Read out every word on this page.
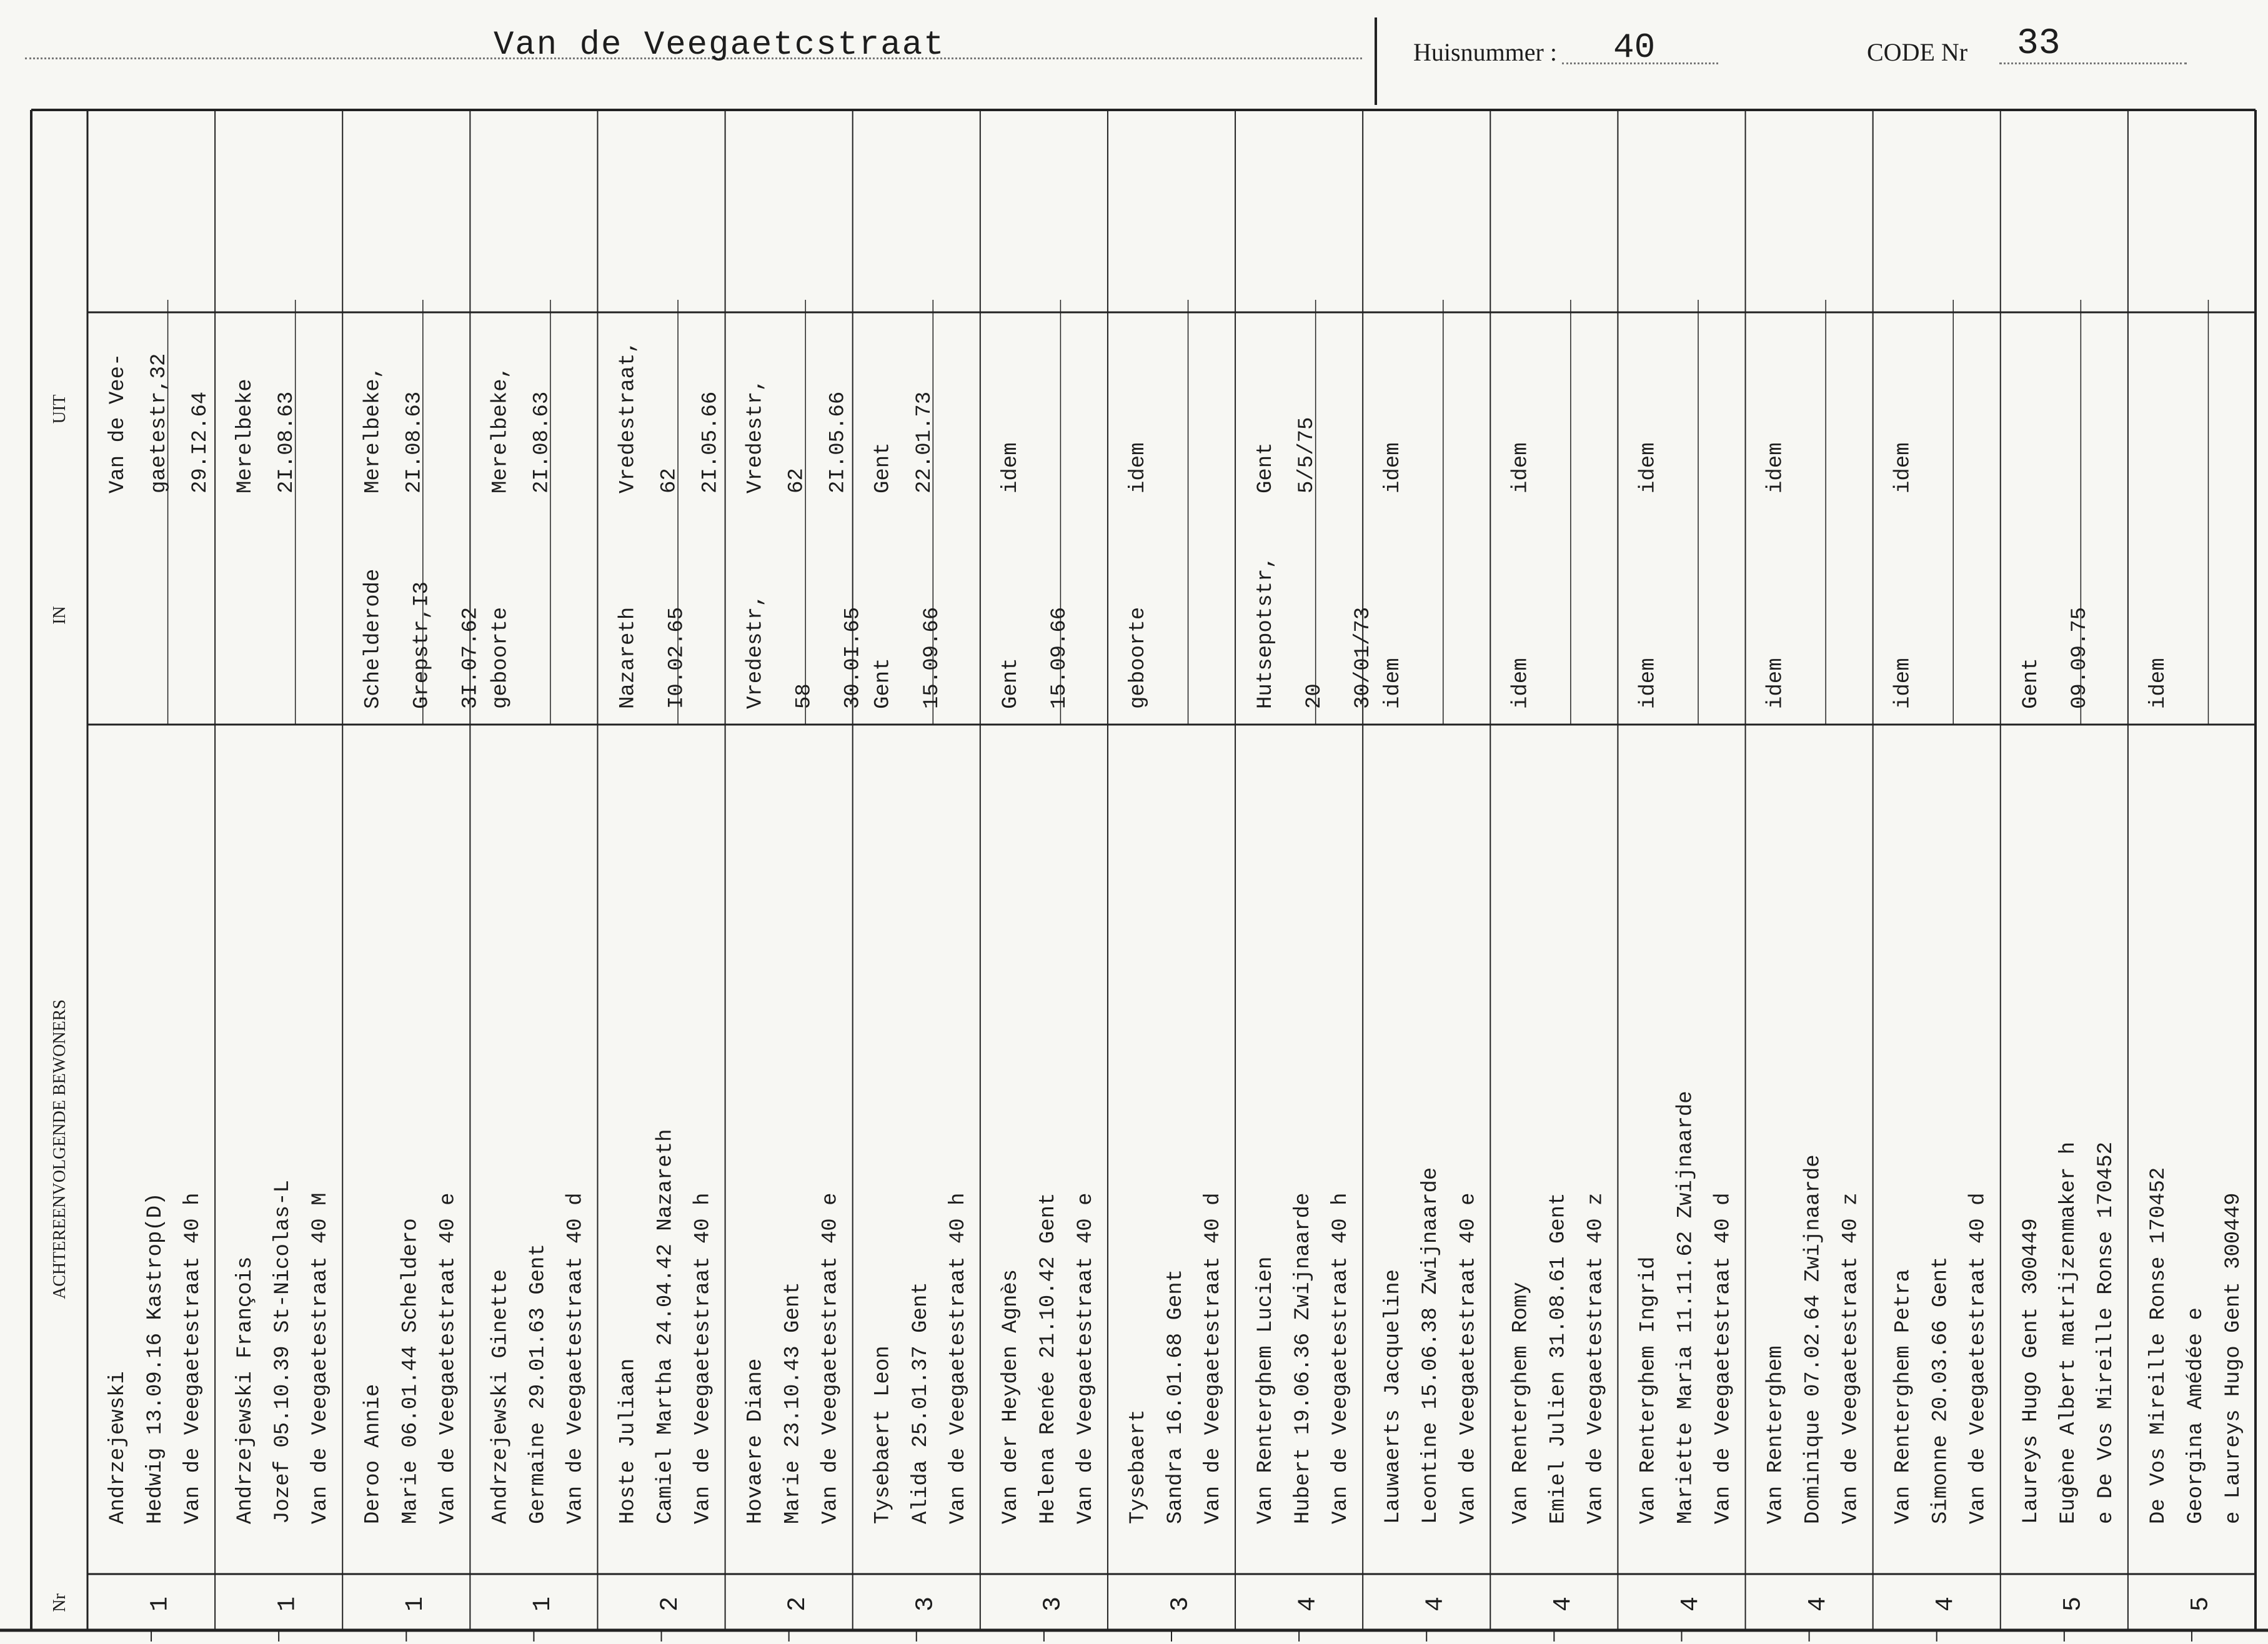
Van de Veegaetcstraat	Huisnummer : 40	CODE Nr 33
Nr
ACHTEREENVOLGENDE BEWONERS
IN
UIT
1
Andrzejewski Hedwig 13.09.16 Kastrop(D) Van de Veegaetestraat 40 h
Van de Vee- gaetestr,32 29.I2.64
1
Andrzejewski François Jozef 05.10.39 St-Nicolas-L Van de Veegaetestraat 40 M
Merelbeke 2I.08.63
1
Deroo Annie Marie 06.01.44 Scheldero Van de Veegaetestraat 40 e
Schelderode Grepstr,I3 3I.07.62
Merelbeke, 2I.08.63
1
Andrzejewski Ginette Germaine 29.01.63 Gent Van de Veegaetestraat 40 d
geboorte
Merelbeke, 2I.08.63
2
Hoste Juliaan Camiel Martha 24.04.42 Nazareth Van de Veegaetestraat 40 h
Nazareth I0.02.65
Vredestraat, 62 2I.05.66
2
Hovaere Diane Marie 23.10.43 Gent Van de Veegaetestraat 40 e
Vredestr, 58 30.0I.65
Vredestr, 62 2I.05.66
3
Tysebaert Leon Alida 25.01.37 Gent Van de Veegaetestraat 40 h
Gent 15.09.66
Gent 22.01.73
3
Van der Heyden Agnès Helena Renée 21.10.42 Gent Van de Veegaetestraat 40 e
Gent 15.09.66
idem
3
Tysebaert Sandra 16.01.68 Gent Van de Veegaetestraat 40 d
geboorte
idem
4
Van Renterghem Lucien Hubert 19.06.36 Zwijnaarde Van de Veegaetestraat 40 h
Hutsepotstr, 20 30/01/73
Gent 5/5/75
4
Lauwaerts Jacqueline Leontine 15.06.38 Zwijnaarde Van de Veegaetestraat 40 e
idem
idem
4
Van Renterghem Romy Emiel Julien 31.08.61 Gent Van de Veegaetestraat 40 z
idem
idem
4
Van Renterghem Ingrid Mariette Maria 11.11.62 Zwijnaarde Van de Veegaetestraat 40 d
idem
idem
4
Van Renterghem Dominique 07.02.64 Zwijnaarde Van de Veegaetestraat 40 z
idem
idem
4
Van Renterghem Petra Simonne 20.03.66 Gent Van de Veegaetestraat 40 d
idem
idem
5
Laureys Hugo Gent 300449 Eugène Albert matrijzenmaker h e De Vos Mireille Ronse 170452
Gent 09.09.75
5
De Vos Mireille Ronse 170452 Georgina Amédée e e Laureys Hugo Gent 300449
idem
